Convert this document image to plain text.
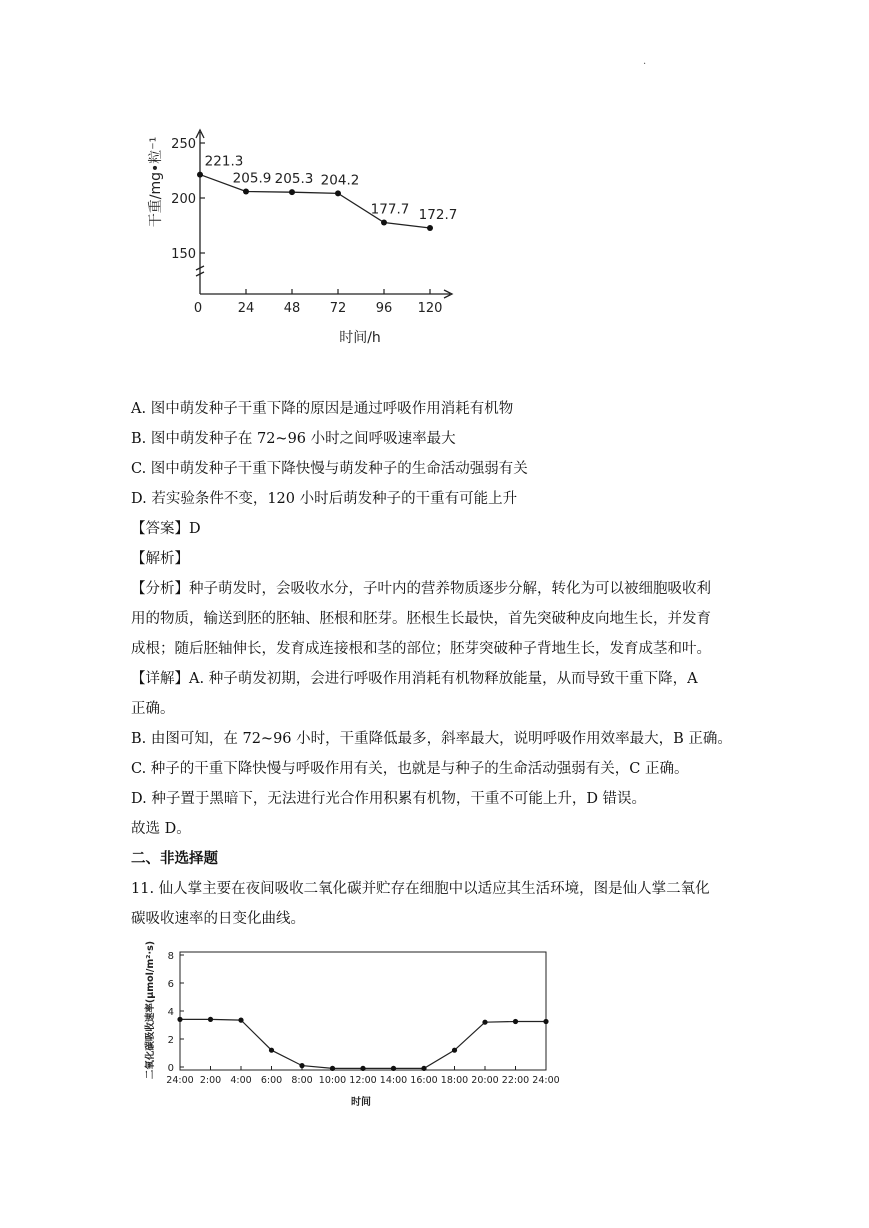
.
150
200
250
0	24 48 72 96 120
221.3
205.9 205.3 204.2
177.7 172.7
干重/mg•粒⁻¹
时间/h
A. 图中萌发种子干重下降的原因是通过呼吸作用消耗有机物
B. 图中萌发种子在 72~96 小时之间呼吸速率最大
C. 图中萌发种子干重下降快慢与萌发种子的生命活动强弱有关
D. 若实验条件不变，120 小时后萌发种子的干重有可能上升
【答案】D
【解析】
【分析】种子萌发时，会吸收水分，子叶内的营养物质逐步分解，转化为可以被细胞吸收利
用的物质，输送到胚的胚轴、胚根和胚芽。胚根生长最快，首先突破种皮向地生长，并发育
成根；随后胚轴伸长，发育成连接根和茎的部位；胚芽突破种子背地生长，发育成茎和叶。
【详解】A. 种子萌发初期，会进行呼吸作用消耗有机物释放能量，从而导致干重下降，A
正确。
B. 由图可知，在 72~96 小时，干重降低最多，斜率最大，说明呼吸作用效率最大，B 正确。
C. 种子的干重下降快慢与呼吸作用有关，也就是与种子的生命活动强弱有关，C 正确。
D. 种子置于黑暗下，无法进行光合作用积累有机物，干重不可能上升，D 错误。
故选 D。
二、非选择题
11. 仙人掌主要在夜间吸收二氧化碳并贮存在细胞中以适应其生活环境，图是仙人掌二氧化
碳吸收速率的日变化曲线。
0
2
4
6
8
24:00 2:00 4:00 6:00 8:00 10:00 12:00 14:00 16:00 18:00 20:00 22:00 24:00
二氧化碳吸收速率(μmol/m²·s)
时间
